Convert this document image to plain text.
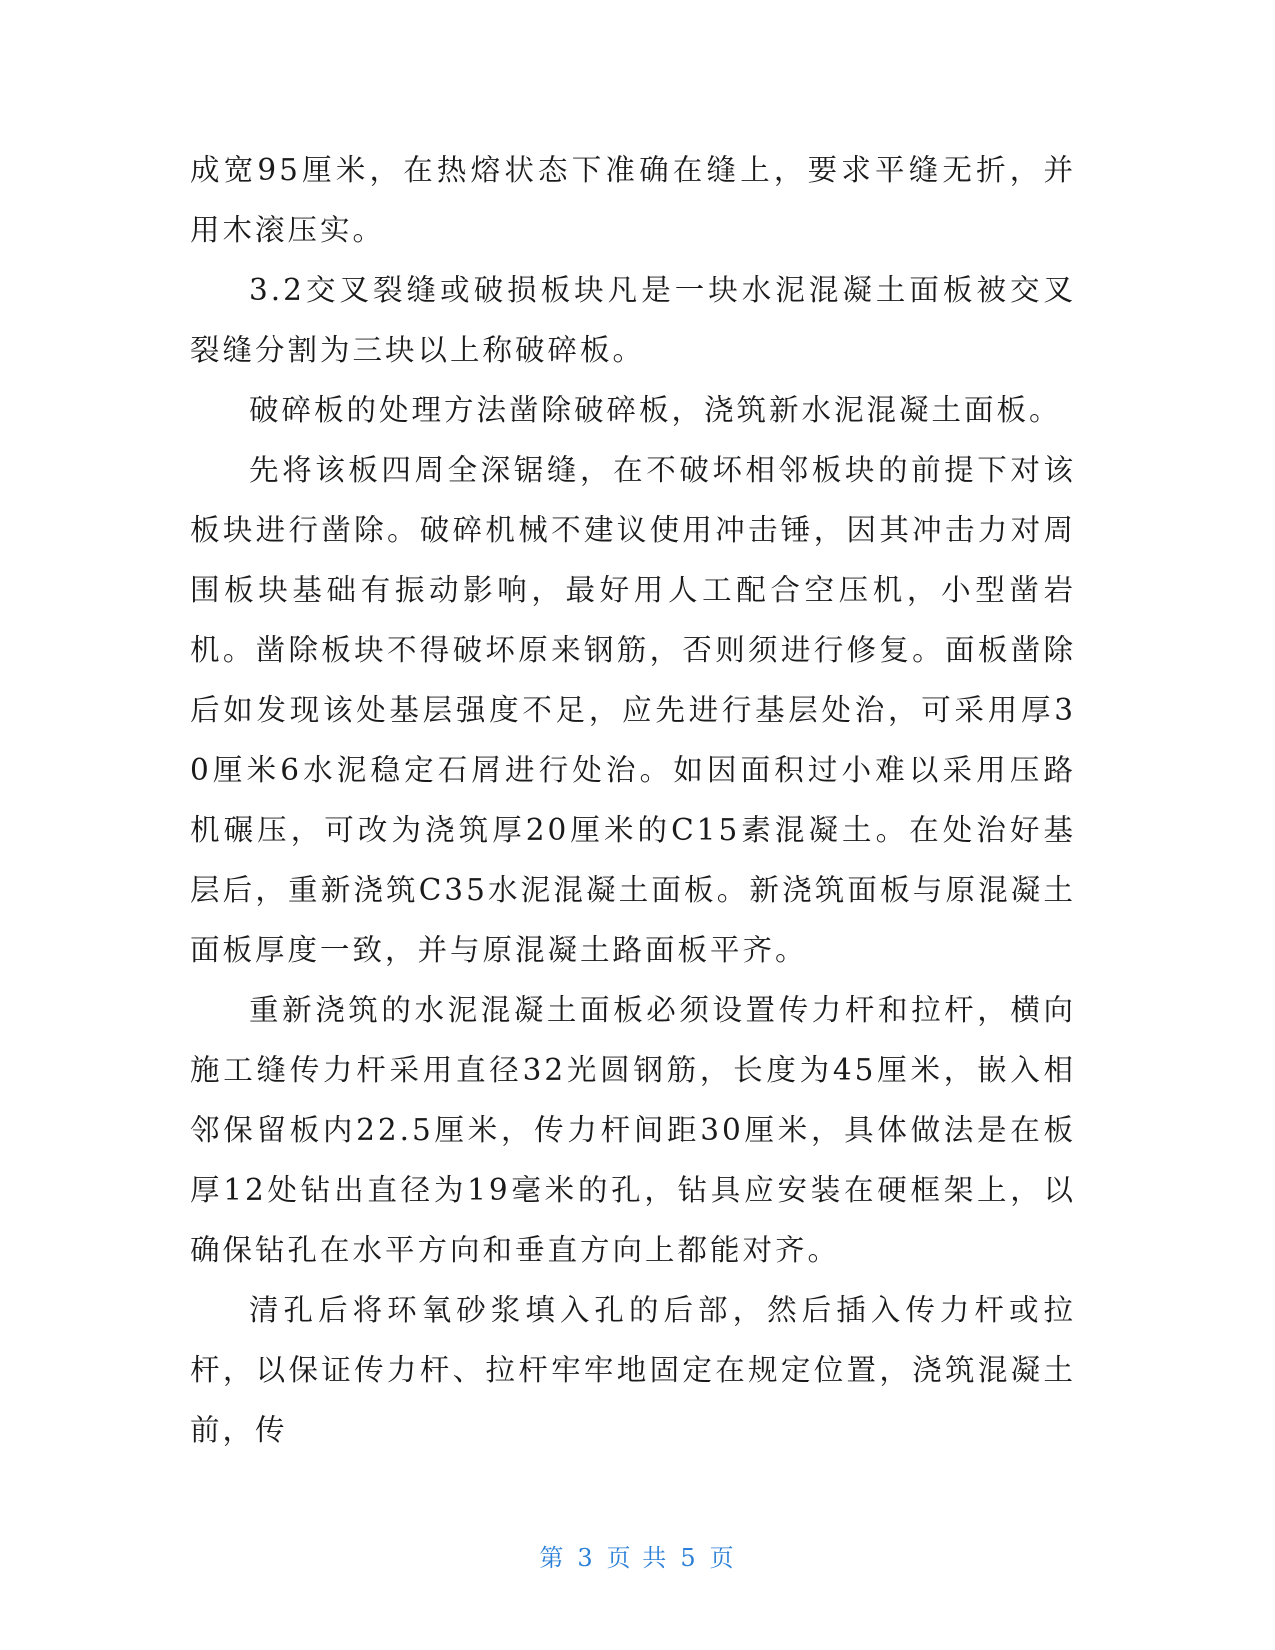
成宽95厘米，在热熔状态下准确在缝上，要求平缝无折，并用木滚压实。

3.2交叉裂缝或破损板块凡是一块水泥混凝土面板被交叉裂缝分割为三块以上称破碎板。

破碎板的处理方法凿除破碎板，浇筑新水泥混凝土面板。

先将该板四周全深锯缝，在不破坏相邻板块的前提下对该板块进行凿除。破碎机械不建议使用冲击锤，因其冲击力对周围板块基础有振动影响，最好用人工配合空压机，小型凿岩机。凿除板块不得破坏原来钢筋，否则须进行修复。面板凿除后如发现该处基层强度不足，应先进行基层处治，可采用厚30厘米6水泥稳定石屑进行处治。如因面积过小难以采用压路机碾压，可改为浇筑厚20厘米的C15素混凝土。在处治好基层后，重新浇筑C35水泥混凝土面板。新浇筑面板与原混凝土面板厚度一致，并与原混凝土路面板平齐。

重新浇筑的水泥混凝土面板必须设置传力杆和拉杆，横向施工缝传力杆采用直径32光圆钢筋，长度为45厘米，嵌入相邻保留板内22.5厘米，传力杆间距30厘米，具体做法是在板厚12处钻出直径为19毫米的孔，钻具应安装在硬框架上，以确保钻孔在水平方向和垂直方向上都能对齐。

清孔后将环氧砂浆填入孔的后部，然后插入传力杆或拉杆，以保证传力杆、拉杆牢牢地固定在规定位置，浇筑混凝土前，传

第 3 页 共 5 页
